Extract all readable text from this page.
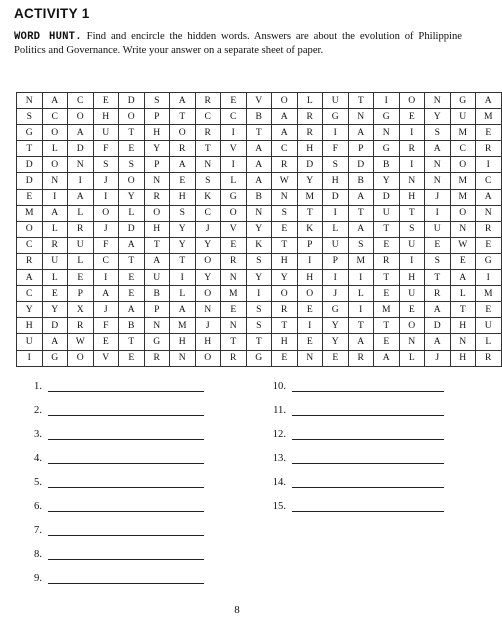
ACTIVITY 1
WORD HUNT. Find and encircle the hidden words. Answers are about the evolution of Philippine Politics and Governance. Write your answer on a separate sheet of paper.
N	A	C	E	D	S	A	R	E	V	O	L	U	T	I	O	N	G	A
S	C	O	H	O	P	T	C	C	B	A	R	G	N	G	E	Y	U	M
G	O	A	U	T	H	O	R	I	T	A	R	I	A	N	I	S	M	E
T	L	D	F	E	Y	R	T	V	A	C	H	F	P	G	R	A	C	R
D	O	N	S	S	P	A	N	I	A	R	D	S	D	B	I	N	O	I
D	N	I	J	O	N	E	S	L	A	W	Y	H	B	Y	N	N	M	C
E	I	A	I	Y	R	H	K	G	B	N	M	D	A	D	H	J	M	A
M	A	L	O	L	O	S	C	O	N	S	T	I	T	U	T	I	O	N
O	L	R	J	D	H	Y	J	V	Y	E	K	L	A	T	S	U	N	R
C	R	U	F	A	T	Y	Y	E	K	T	P	U	S	E	U	E	W	E
R	U	L	C	T	A	T	O	R	S	H	I	P	M	R	I	S	E	G
A	L	E	I	E	U	I	Y	N	Y	Y	H	I	I	T	H	T	A	I
C	E	P	A	E	B	L	O	M	I	O	O	J	L	E	U	R	L	M
Y	Y	X	J	A	P	A	N	E	S	R	E	G	I	M	E	A	T	E
H	D	R	F	B	N	M	J	N	S	T	I	Y	T	T	O	D	H	U
U	A	W	E	T	G	H	H	T	T	H	E	Y	A	E	N	A	N	L
I	G	O	V	E	R	N	O	R	G	E	N	E	R	A	L	J	H	R
1.
2.
3.
4.
5.
6.
7.
8.
9.
10.
11.
12.
13.
14.
15.
8
